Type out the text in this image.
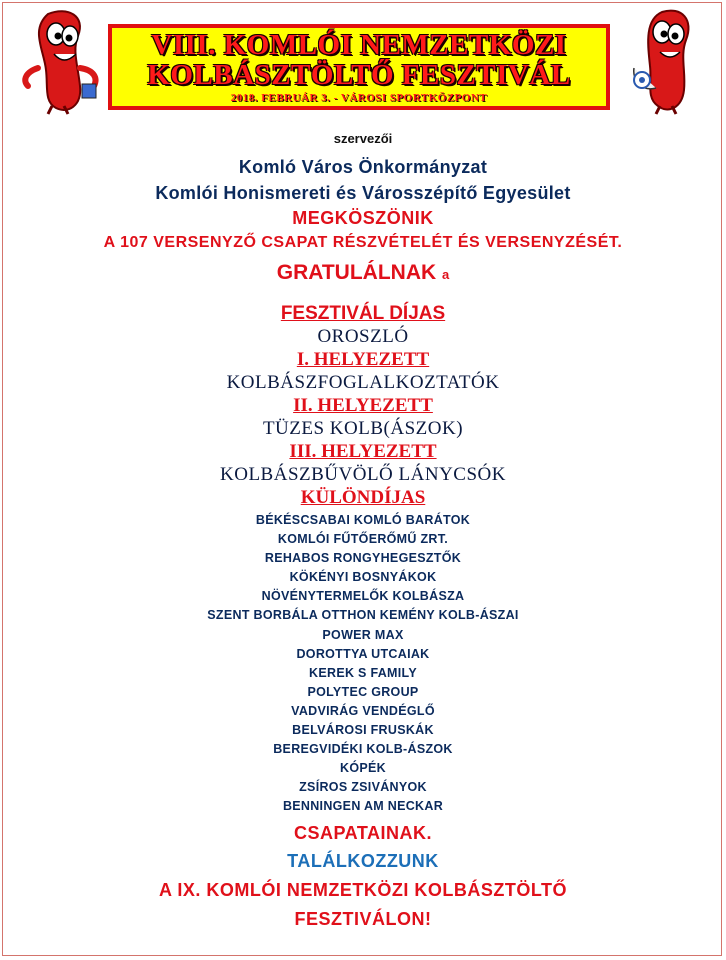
VIII. KOMLÓI NEMZETKÖZI
KOLBÁSZTÖLTŐ FESZTIVÁL
2018. FEBRUÁR 3. - VÁROSI SPORTKÖZPONT
szervezői
Komló Város Önkormányzat
Komlói Honismereti és Városszépítő Egyesület
MEGKÖSZÖNIK
A 107 VERSENYZŐ CSAPAT RÉSZVÉTELÉT ÉS VERSENYZÉSÉT.
GRATULÁLNAK a
FESZTIVÁL DÍJAS
OROSZLÓ
I. HELYEZETT
KOLBÁSZFOGLALKOZTATÓK
II. HELYEZETT
TÜZES KOLB(ÁSZOK)
III. HELYEZETT
KOLBÁSZBŰVÖLŐ LÁNYCSÓK
KÜLÖNDÍJAS
BÉKÉSCSABAI KOMLÓ BARÁTOK
KOMLÓI FŰTŐERŐMŰ ZRT.
REHABOS RONGYHEGESZTŐK
KÖKÉNYI BOSNYÁKOK
NÖVÉNYTERMELŐK KOLBÁSZA
SZENT BORBÁLA OTTHON KEMÉNY KOLB-ÁSZAI
POWER MAX
DOROTTYA UTCAIAK
KEREK S FAMILY
POLYTEC GROUP
VADVIRÁG VENDÉGLŐ
BELVÁROSI FRUSKÁK
BEREGVIDÉKI KOLB-ÁSZOK
KÓPÉK
ZSÍROS ZSIVÁNYOK
BENNINGEN AM NECKAR
CSAPATAINAK.
TALÁLKOZZUNK
A IX. KOMLÓI NEMZETKÖZI KOLBÁSZTÖLTŐ
FESZTIVÁLON!
